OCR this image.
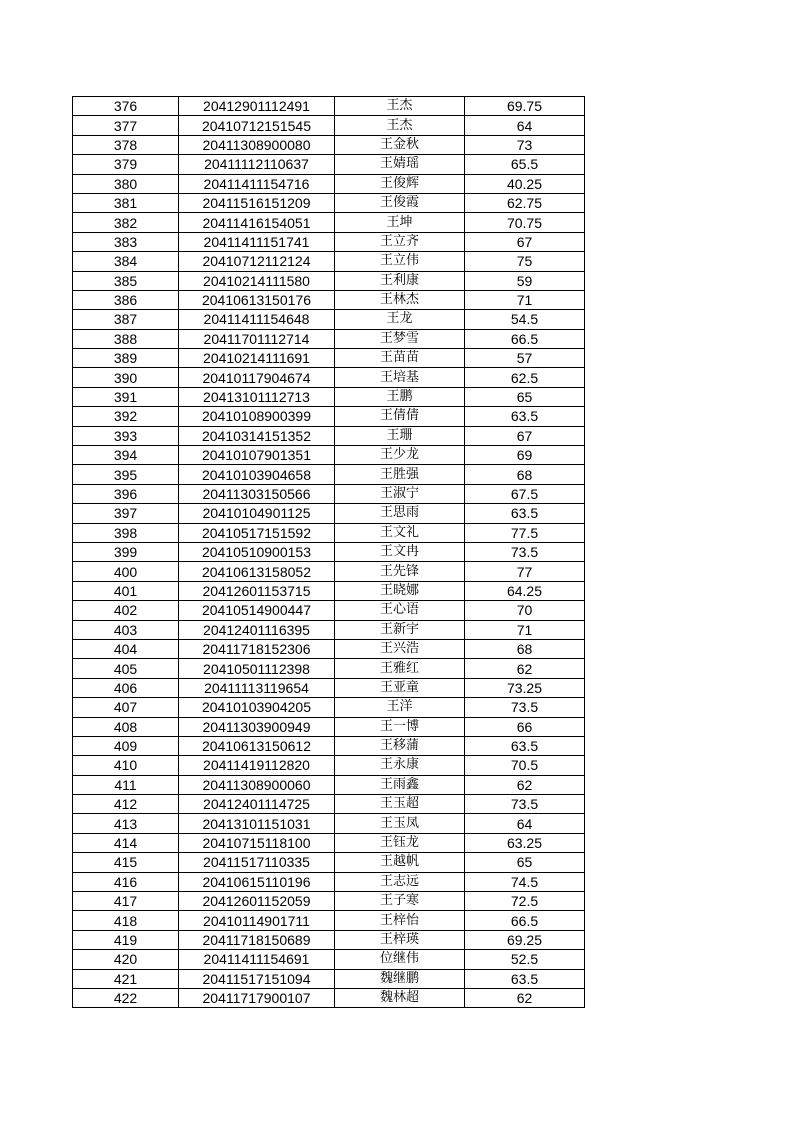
376	20412901112491	王杰	69.75
377	20410712151545	王杰	64
378	20411308900080	王金秋	73
379	20411112110637	王婧瑶	65.5
380	20411411154716	王俊辉	40.25
381	20411516151209	王俊霞	62.75
382	20411416154051	王坤	70.75
383	20411411151741	王立齐	67
384	20410712112124	王立伟	75
385	20410214111580	王利康	59
386	20410613150176	王林杰	71
387	20411411154648	王龙	54.5
388	20411701112714	王梦雪	66.5
389	20410214111691	王苗苗	57
390	20410117904674	王培基	62.5
391	20413101112713	王鹏	65
392	20410108900399	王倩倩	63.5
393	20410314151352	王珊	67
394	20410107901351	王少龙	69
395	20410103904658	王胜强	68
396	20411303150566	王淑宁	67.5
397	20410104901125	王思雨	63.5
398	20410517151592	王文礼	77.5
399	20410510900153	王文冉	73.5
400	20410613158052	王先锋	77
401	20412601153715	王晓娜	64.25
402	20410514900447	王心语	70
403	20412401116395	王新宇	71
404	20411718152306	王兴浩	68
405	20410501112398	王雅红	62
406	20411113119654	王亚童	73.25
407	20410103904205	王洋	73.5
408	20411303900949	王一博	66
409	20410613150612	王移蒲	63.5
410	20411419112820	王永康	70.5
411	20411308900060	王雨鑫	62
412	20412401114725	王玉超	73.5
413	20413101151031	王玉凤	64
414	20410715118100	王钰龙	63.25
415	20411517110335	王越帆	65
416	20410615110196	王志远	74.5
417	20412601152059	王子寒	72.5
418	20410114901711	王梓怡	66.5
419	20411718150689	王梓瑛	69.25
420	20411411154691	位继伟	52.5
421	20411517151094	魏继鹏	63.5
422	20411717900107	魏林超	62
